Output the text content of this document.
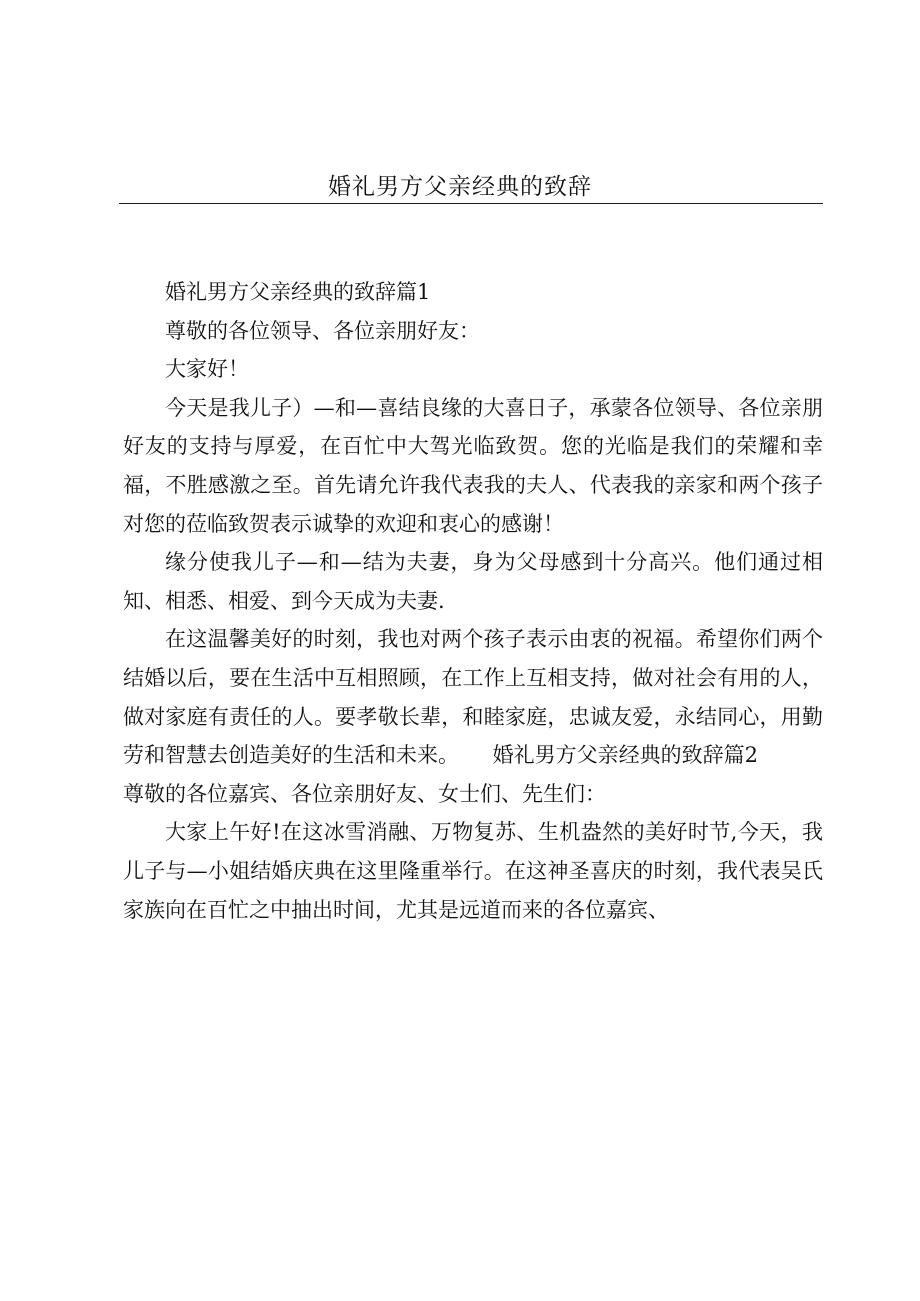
婚礼男方父亲经典的致辞

婚礼男方父亲经典的致辞篇1

尊敬的各位领导、各位亲朋好友：

大家好！

今天是我儿子）—和—喜结良缘的大喜日子，承蒙各位领导、各位亲朋好友的支持与厚爱，在百忙中大驾光临致贺。您的光临是我们的荣耀和幸福，不胜感激之至。首先请允许我代表我的夫人、代表我的亲家和两个孩子对您的莅临致贺表示诚挚的欢迎和衷心的感谢！

缘分使我儿子—和—结为夫妻，身为父母感到十分高兴。他们通过相知、相悉、相爱、到今天成为夫妻.

在这温馨美好的时刻，我也对两个孩子表示由衷的祝福。希望你们两个结婚以后，要在生活中互相照顾，在工作上互相支持，做对社会有用的人，做对家庭有责任的人。要孝敬长辈，和睦家庭，忠诚友爱，永结同心，用勤劳和智慧去创造美好的生活和未来。 婚礼男方父亲经典的致辞篇2

尊敬的各位嘉宾、各位亲朋好友、女士们、先生们：

大家上午好!在这冰雪消融、万物复苏、生机盎然的美好时节,今天，我儿子与—小姐结婚庆典在这里隆重举行。在这神圣喜庆的时刻，我代表吴氏家族向在百忙之中抽出时间，尤其是远道而来的各位嘉宾、
